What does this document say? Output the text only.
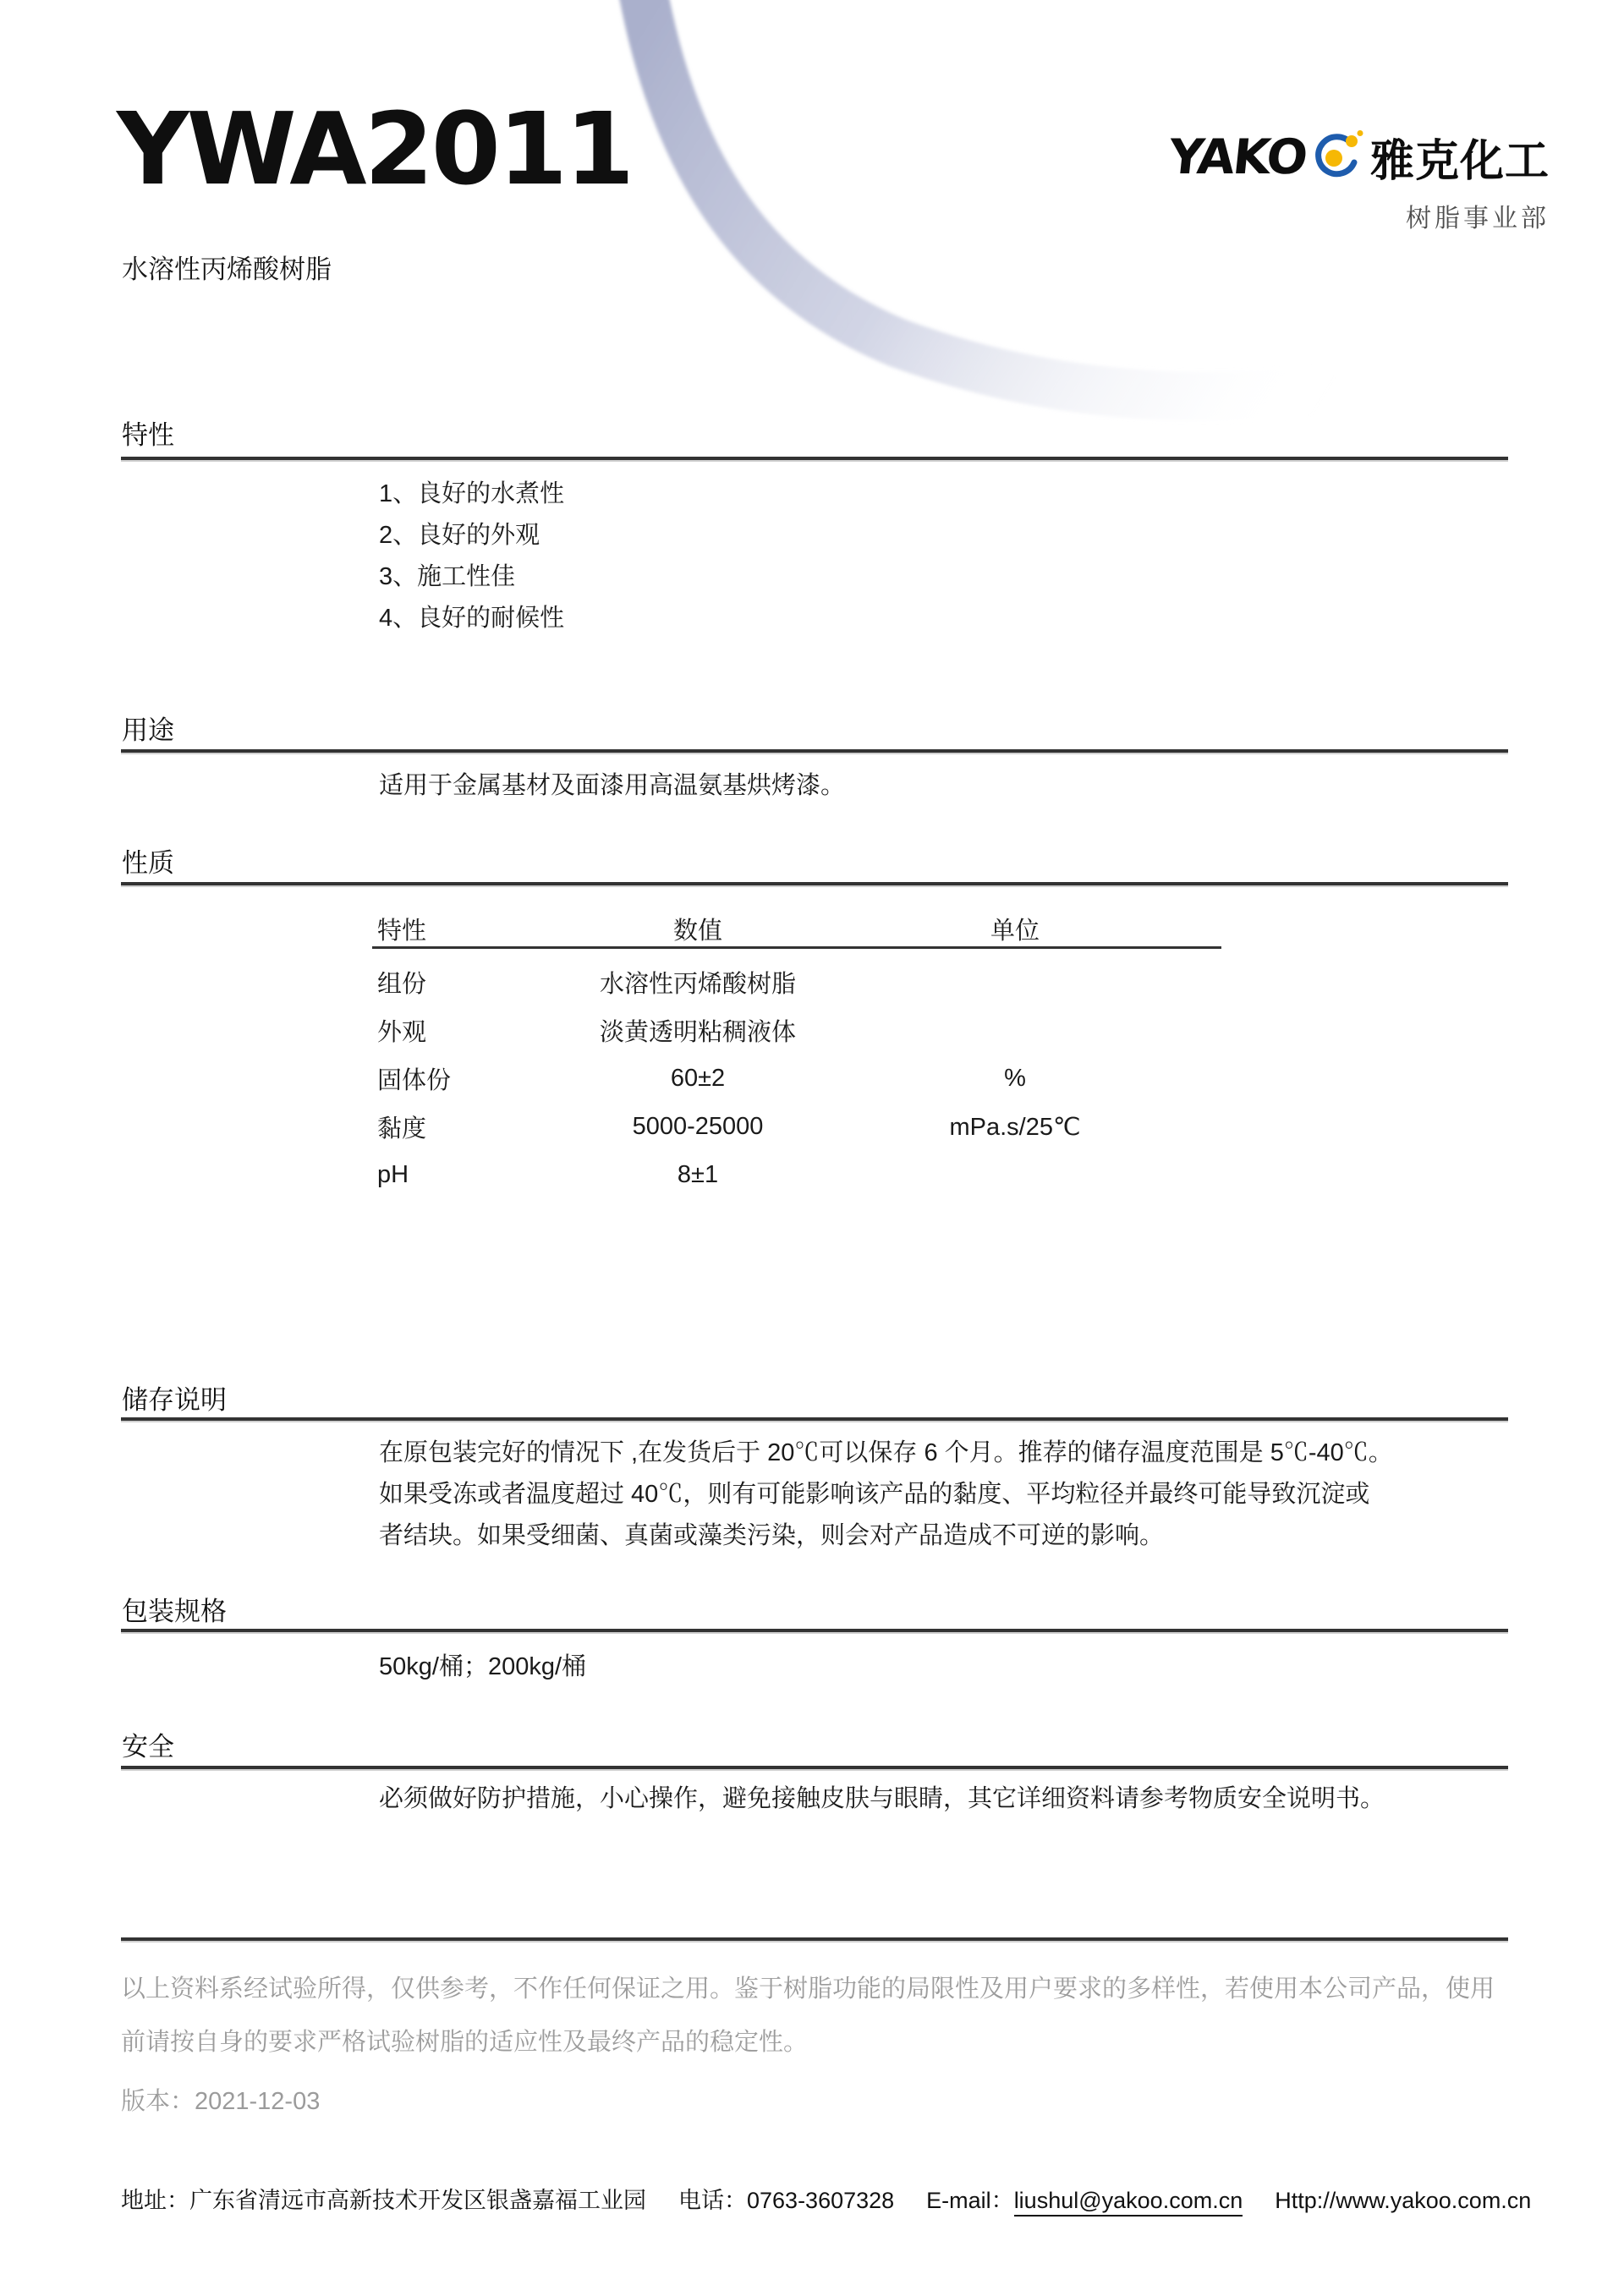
YWA2011
水溶性丙烯酸树脂
YAKO 雅克化工
树脂事业部
特性
1、良好的水煮性
2、良好的外观
3、施工性佳
4、良好的耐候性
用途
适用于金属基材及面漆用高温氨基烘烤漆。
性质
特性	数值	单位
组份	水溶性丙烯酸树脂
外观	淡黄透明粘稠液体
固体份	60±2	%
黏度	5000-25000	mPa.s/25℃
pH	8±1
储存说明
在原包装完好的情况下 ,在发货后于 20℃可以保存 6 个月。推荐的储存温度范围是 5℃-40℃。
如果受冻或者温度超过 40℃，则有可能影响该产品的黏度、平均粒径并最终可能导致沉淀或
者结块。如果受细菌、真菌或藻类污染，则会对产品造成不可逆的影响。
包装规格
50kg/桶；200kg/桶
安全
必须做好防护措施，小心操作，避免接触皮肤与眼睛，其它详细资料请参考物质安全说明书。
以上资料系经试验所得，仅供参考，不作任何保证之用。鉴于树脂功能的局限性及用户要求的多样性，若使用本公司产品，使用
前请按自身的要求严格试验树脂的适应性及最终产品的稳定性。
版本：2021-12-03
地址：广东省清远市高新技术开发区银盏嘉福工业园 电话：0763-3607328 E-mail：liushul@yakoo.com.cn Http://www.yakoo.com.cn
